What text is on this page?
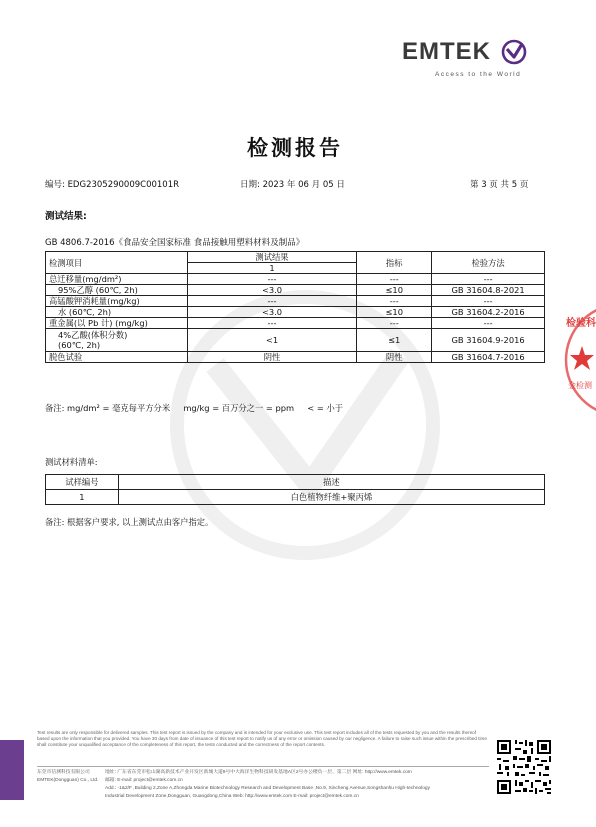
EMTEK
Access to the World
检测报告
编号: EDG2305290009C00101R	日期: 2023 年 06 月 05 日	第 3 页 共 5 页
测试结果:
GB 4806.7-2016《食品安全国家标准 食品接触用塑料材料及制品》
检测项目	测试结果	指标	检验方法
	1		
总迁移量(mg/dm²)	---	---	---
95%乙醇 (60℃, 2h)	<3.0	≤10	GB 31604.8-2021
高锰酸钾消耗量(mg/kg)	---	---	---
水 (60℃, 2h)	<3.0	≤10	GB 31604.2-2016
重金属(以 Pb 计) (mg/kg)	---	---	---

4%乙酸(体积分数)
(60℃, 2h)	<1	≤1	GB 31604.9-2016
脱色试验	阴性	阴性	GB 31604.7-2016
备注: mg/dm² = 毫克每平方分米     mg/kg = 百万分之一 = ppm     < = 小于
测试材料清单:
试样编号	描述
1	白色植物纤维+聚丙烯
备注: 根据客户要求, 以上测试点由客户指定。
检验科
金检测
Test results are only responsible for delivered samples. This test report is issued by the company and is intended for your exclusive use. This test report includes all of the tests requested by you and the results thereof based upon the information that you provided. You have 30 days from date of issuance of this test report to notify us of any error or omission caused by our negligence. A failure to raise such issue within the prescribed time shall constitute your unqualified acceptance of the completeness of this report, the tests conducted and the correctness of the report contents.
东莞市信测科技有限公司	地址: 广东省东莞市松山湖高新技术产业开发区新城大道9号中大海洋生物科技研发基地A区2号办公楼负一层、第二层 网址: http://www.emtek.com
EMTEK(Dongguan) Co., Ltd. 邮箱: E-mail: project@emtek.com.cn
Add.: -1&2/F ,Building 2,Zone A,Zhongda Marine Biotechnology Research and Development Base ,No.9, Xincheng Avenue,Songshanhu High-technology
Industrial Development Zone,Dongguan, Guangdong,China Web: http://www.emtek.com E-mail: project@emtek.com.cn
